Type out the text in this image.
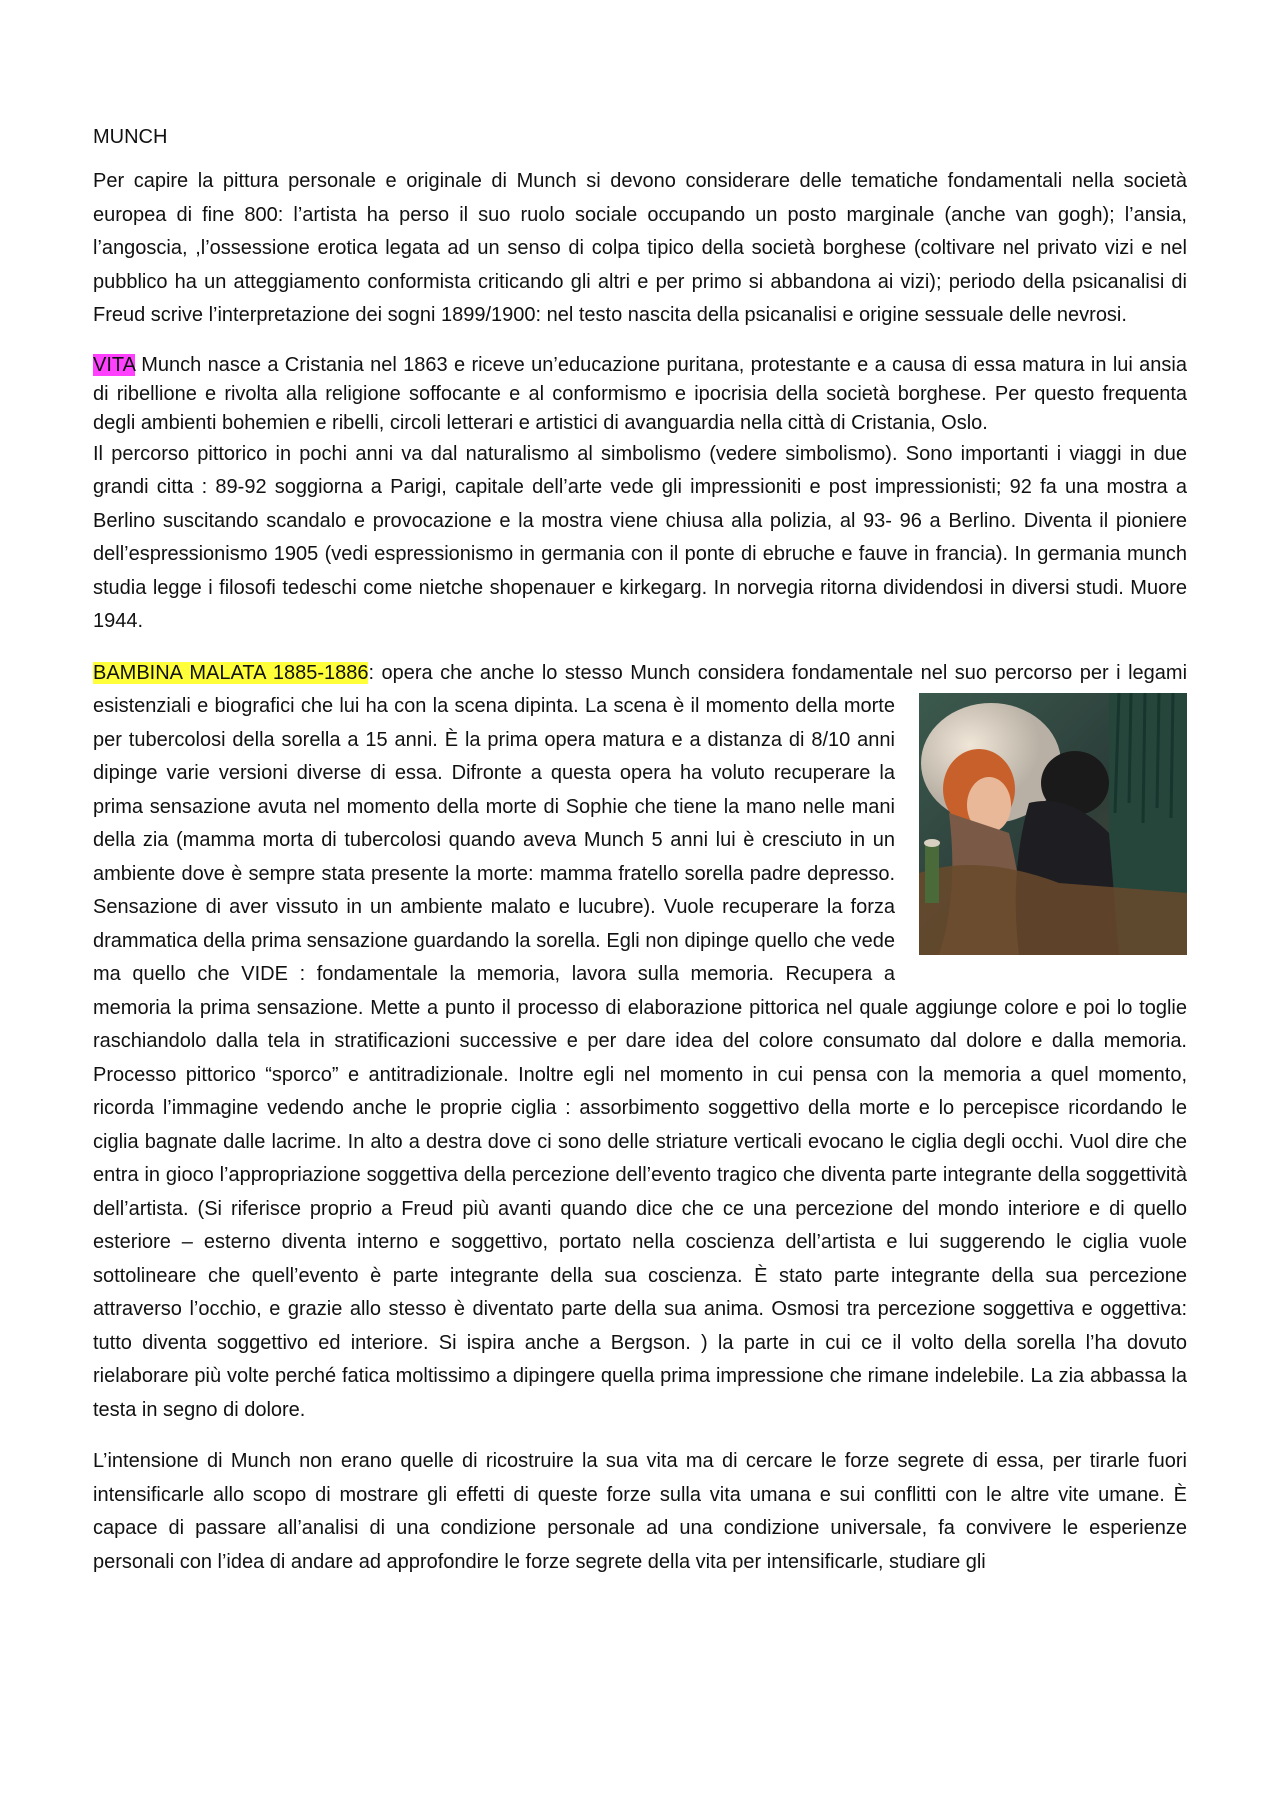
MUNCH

Per capire la pittura personale e originale di Munch si devono considerare delle tematiche fondamentali nella società europea di fine 800: l’artista ha perso il suo ruolo sociale occupando un posto marginale (anche van gogh); l’ansia, l’angoscia, ,l’ossessione erotica legata ad un senso di colpa tipico della società borghese (coltivare nel privato vizi e nel pubblico ha un atteggiamento conformista criticando gli altri e per primo si abbandona ai vizi); periodo della psicanalisi di Freud scrive l’interpretazione dei sogni 1899/1900: nel testo nascita della psicanalisi e origine sessuale delle nevrosi.

VITA Munch nasce a Cristania nel 1863 e riceve un’educazione puritana, protestante e a causa di essa matura in lui ansia di ribellione e rivolta alla religione soffocante e al conformismo e ipocrisia della società borghese. Per questo frequenta degli ambienti bohemien e ribelli, circoli letterari e artistici di avanguardia nella città di Cristania, Oslo.

Il percorso pittorico in pochi anni va dal naturalismo al simbolismo (vedere simbolismo). Sono importanti i viaggi in due grandi citta : 89-92 soggiorna a Parigi, capitale dell’arte vede gli impressioniti e post impressionisti; 92 fa una mostra a Berlino suscitando scandalo e provocazione e la mostra viene chiusa alla polizia, al 93- 96 a Berlino. Diventa il pioniere dell’espressionismo 1905 (vedi espressionismo in germania con il ponte di ebruche e fauve in francia). In germania munch studia legge i filosofi tedeschi come nietche shopenauer e kirkegarg. In norvegia ritorna dividendosi in diversi studi. Muore 1944.

BAMBINA MALATA 1885-1886: opera che anche lo stesso Munch considera fondamentale nel suo percorso per i
legami esistenziali e biografici che lui ha con la scena dipinta. La scena è il momento della morte per tubercolosi della sorella a 15 anni. È la prima opera matura e a distanza di 8/10 anni dipinge varie versioni diverse di essa. Difronte a questa opera ha voluto recuperare la prima sensazione avuta nel momento della morte di Sophie che tiene la mano nelle mani della zia (mamma morta di tubercolosi quando aveva Munch 5 anni lui è cresciuto in un ambiente dove è sempre stata presente la morte: mamma fratello sorella padre depresso. Sensazione di aver vissuto in un ambiente malato e lucubre). Vuole recuperare la forza drammatica della prima sensazione guardando la sorella. Egli non dipinge quello che vede ma quello che VIDE : fondamentale la memoria, lavora sulla memoria. Recupera a memoria la prima sensazione. Mette a punto il processo di elaborazione pittorica nel quale aggiunge colore e poi lo toglie raschiandolo dalla tela in stratificazioni successive e per dare idea del colore consumato dal dolore e dalla memoria. Processo pittorico “sporco” e antitradizionale. Inoltre egli nel momento in cui pensa con la memoria a quel momento, ricorda l’immagine vedendo anche le proprie ciglia : assorbimento soggettivo della morte e lo percepisce ricordando le ciglia bagnate dalle lacrime. In alto a destra dove ci sono delle striature verticali evocano le ciglia degli occhi. Vuol dire che entra in gioco l’appropriazione soggettiva della percezione dell’evento tragico che diventa parte integrante della soggettività dell’artista. (Si riferisce proprio a Freud più avanti quando dice che ce una percezione del mondo interiore e di quello esteriore – esterno diventa interno e soggettivo, portato nella coscienza dell’artista e lui suggerendo le ciglia vuole sottolineare che quell’evento è parte integrante della sua coscienza. È stato parte integrante della sua percezione attraverso l’occhio, e grazie allo stesso è diventato parte della sua anima. Osmosi tra percezione soggettiva e oggettiva: tutto diventa soggettivo ed interiore. Si ispira anche a Bergson. ) la parte in cui ce il volto della sorella l’ha dovuto rielaborare più volte perché fatica moltissimo a dipingere quella prima impressione che rimane indelebile. La zia abbassa la testa in segno di dolore.

L’intensione di Munch non erano quelle di ricostruire la sua vita ma di cercare le forze segrete di essa, per tirarle fuori intensificarle allo scopo di mostrare gli effetti di queste forze sulla vita umana e sui conflitti con le altre vite umane. È capace di passare all’analisi di una condizione personale ad una condizione universale, fa convivere le esperienze personali con l’idea di andare ad approfondire le forze segrete della vita per intensificarle, studiare gli
